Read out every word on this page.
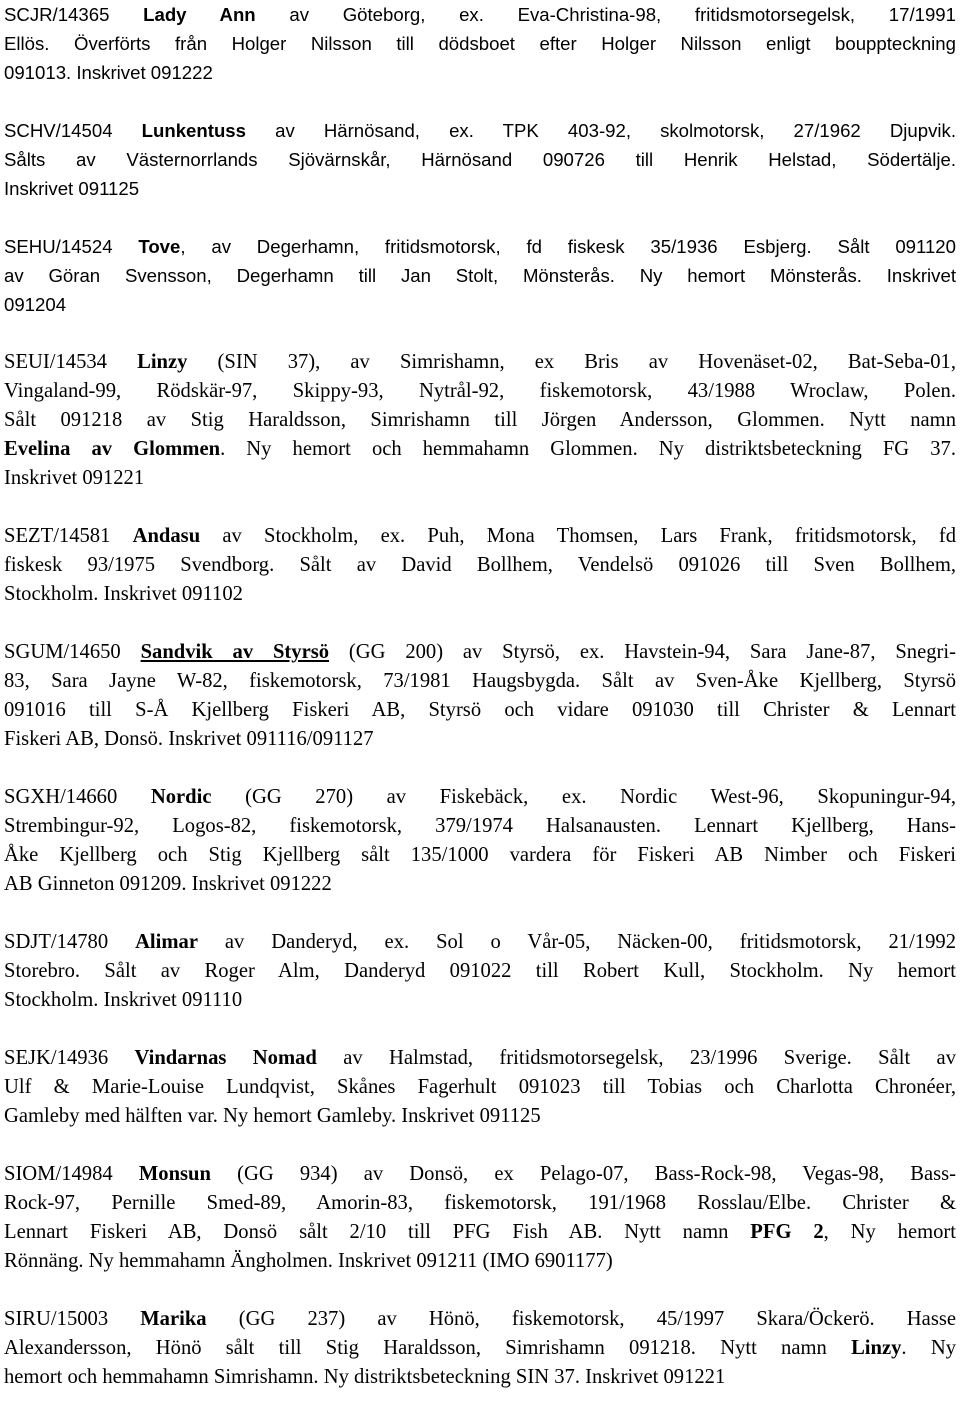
SCJR/14365 Lady Ann av Göteborg, ex. Eva-Christina-98, fritidsmotorsegelsk, 17/1991
Ellös. Överförts från Holger Nilsson till dödsboet efter Holger Nilsson enligt bouppteckning
091013. Inskrivet 091222
SCHV/14504 Lunkentuss av Härnösand, ex. TPK 403-92, skolmotorsk, 27/1962 Djupvik.
Sålts av Västernorrlands Sjövärnskår, Härnösand 090726 till Henrik Helstad, Södertälje.
Inskrivet 091125
SEHU/14524 Tove, av Degerhamn, fritidsmotorsk, fd fiskesk 35/1936 Esbjerg. Sålt 091120
av Göran Svensson, Degerhamn till Jan Stolt, Mönsterås. Ny hemort Mönsterås. Inskrivet
091204
SEUI/14534 Linzy (SIN 37), av Simrishamn, ex Bris av Hovenäset-02, Bat-Seba-01,
Vingaland-99, Rödskär-97, Skippy-93, Nytrål-92, fiskemotorsk, 43/1988 Wroclaw, Polen.
Sålt 091218 av Stig Haraldsson, Simrishamn till Jörgen Andersson, Glommen. Nytt namn
Evelina av Glommen. Ny hemort och hemmahamn Glommen. Ny distriktsbeteckning FG 37.
Inskrivet 091221
SEZT/14581 Andasu av Stockholm, ex. Puh, Mona Thomsen, Lars Frank, fritidsmotorsk, fd
fiskesk 93/1975 Svendborg. Sålt av David Bollhem, Vendelsö 091026 till Sven Bollhem,
Stockholm. Inskrivet 091102
SGUM/14650 Sandvik av Styrsö (GG 200) av Styrsö, ex. Havstein-94, Sara Jane-87, Snegri-
83, Sara Jayne W-82, fiskemotorsk, 73/1981 Haugsbygda. Sålt av Sven-Åke Kjellberg, Styrsö
091016 till S-Å Kjellberg Fiskeri AB, Styrsö och vidare 091030 till Christer & Lennart
Fiskeri AB, Donsö. Inskrivet 091116/091127
SGXH/14660 Nordic (GG 270) av Fiskebäck, ex. Nordic West-96, Skopuningur-94,
Strembingur-92, Logos-82, fiskemotorsk, 379/1974 Halsanausten. Lennart Kjellberg, Hans-
Åke Kjellberg och Stig Kjellberg sålt 135/1000 vardera för Fiskeri AB Nimber och Fiskeri
AB Ginneton 091209. Inskrivet 091222
SDJT/14780 Alimar av Danderyd, ex. Sol o Vår-05, Näcken-00, fritidsmotorsk, 21/1992
Storebro. Sålt av Roger Alm, Danderyd 091022 till Robert Kull, Stockholm. Ny hemort
Stockholm. Inskrivet 091110
SEJK/14936 Vindarnas Nomad av Halmstad, fritidsmotorsegelsk, 23/1996 Sverige. Sålt av
Ulf & Marie-Louise Lundqvist, Skånes Fagerhult 091023 till Tobias och Charlotta Chronéer,
Gamleby med hälften var. Ny hemort Gamleby. Inskrivet 091125
SIOM/14984 Monsun (GG 934) av Donsö, ex Pelago-07, Bass-Rock-98, Vegas-98, Bass-
Rock-97, Pernille Smed-89, Amorin-83, fiskemotorsk, 191/1968 Rosslau/Elbe. Christer &
Lennart Fiskeri AB, Donsö sålt 2/10 till PFG Fish AB. Nytt namn PFG 2, Ny hemort
Rönnäng. Ny hemmahamn Ängholmen. Inskrivet 091211 (IMO 6901177)
SIRU/15003 Marika (GG 237) av Hönö, fiskemotorsk, 45/1997 Skara/Öckerö. Hasse
Alexandersson, Hönö sålt till Stig Haraldsson, Simrishamn 091218. Nytt namn Linzy. Ny
hemort och hemmahamn Simrishamn. Ny distriktsbeteckning SIN 37. Inskrivet 091221
